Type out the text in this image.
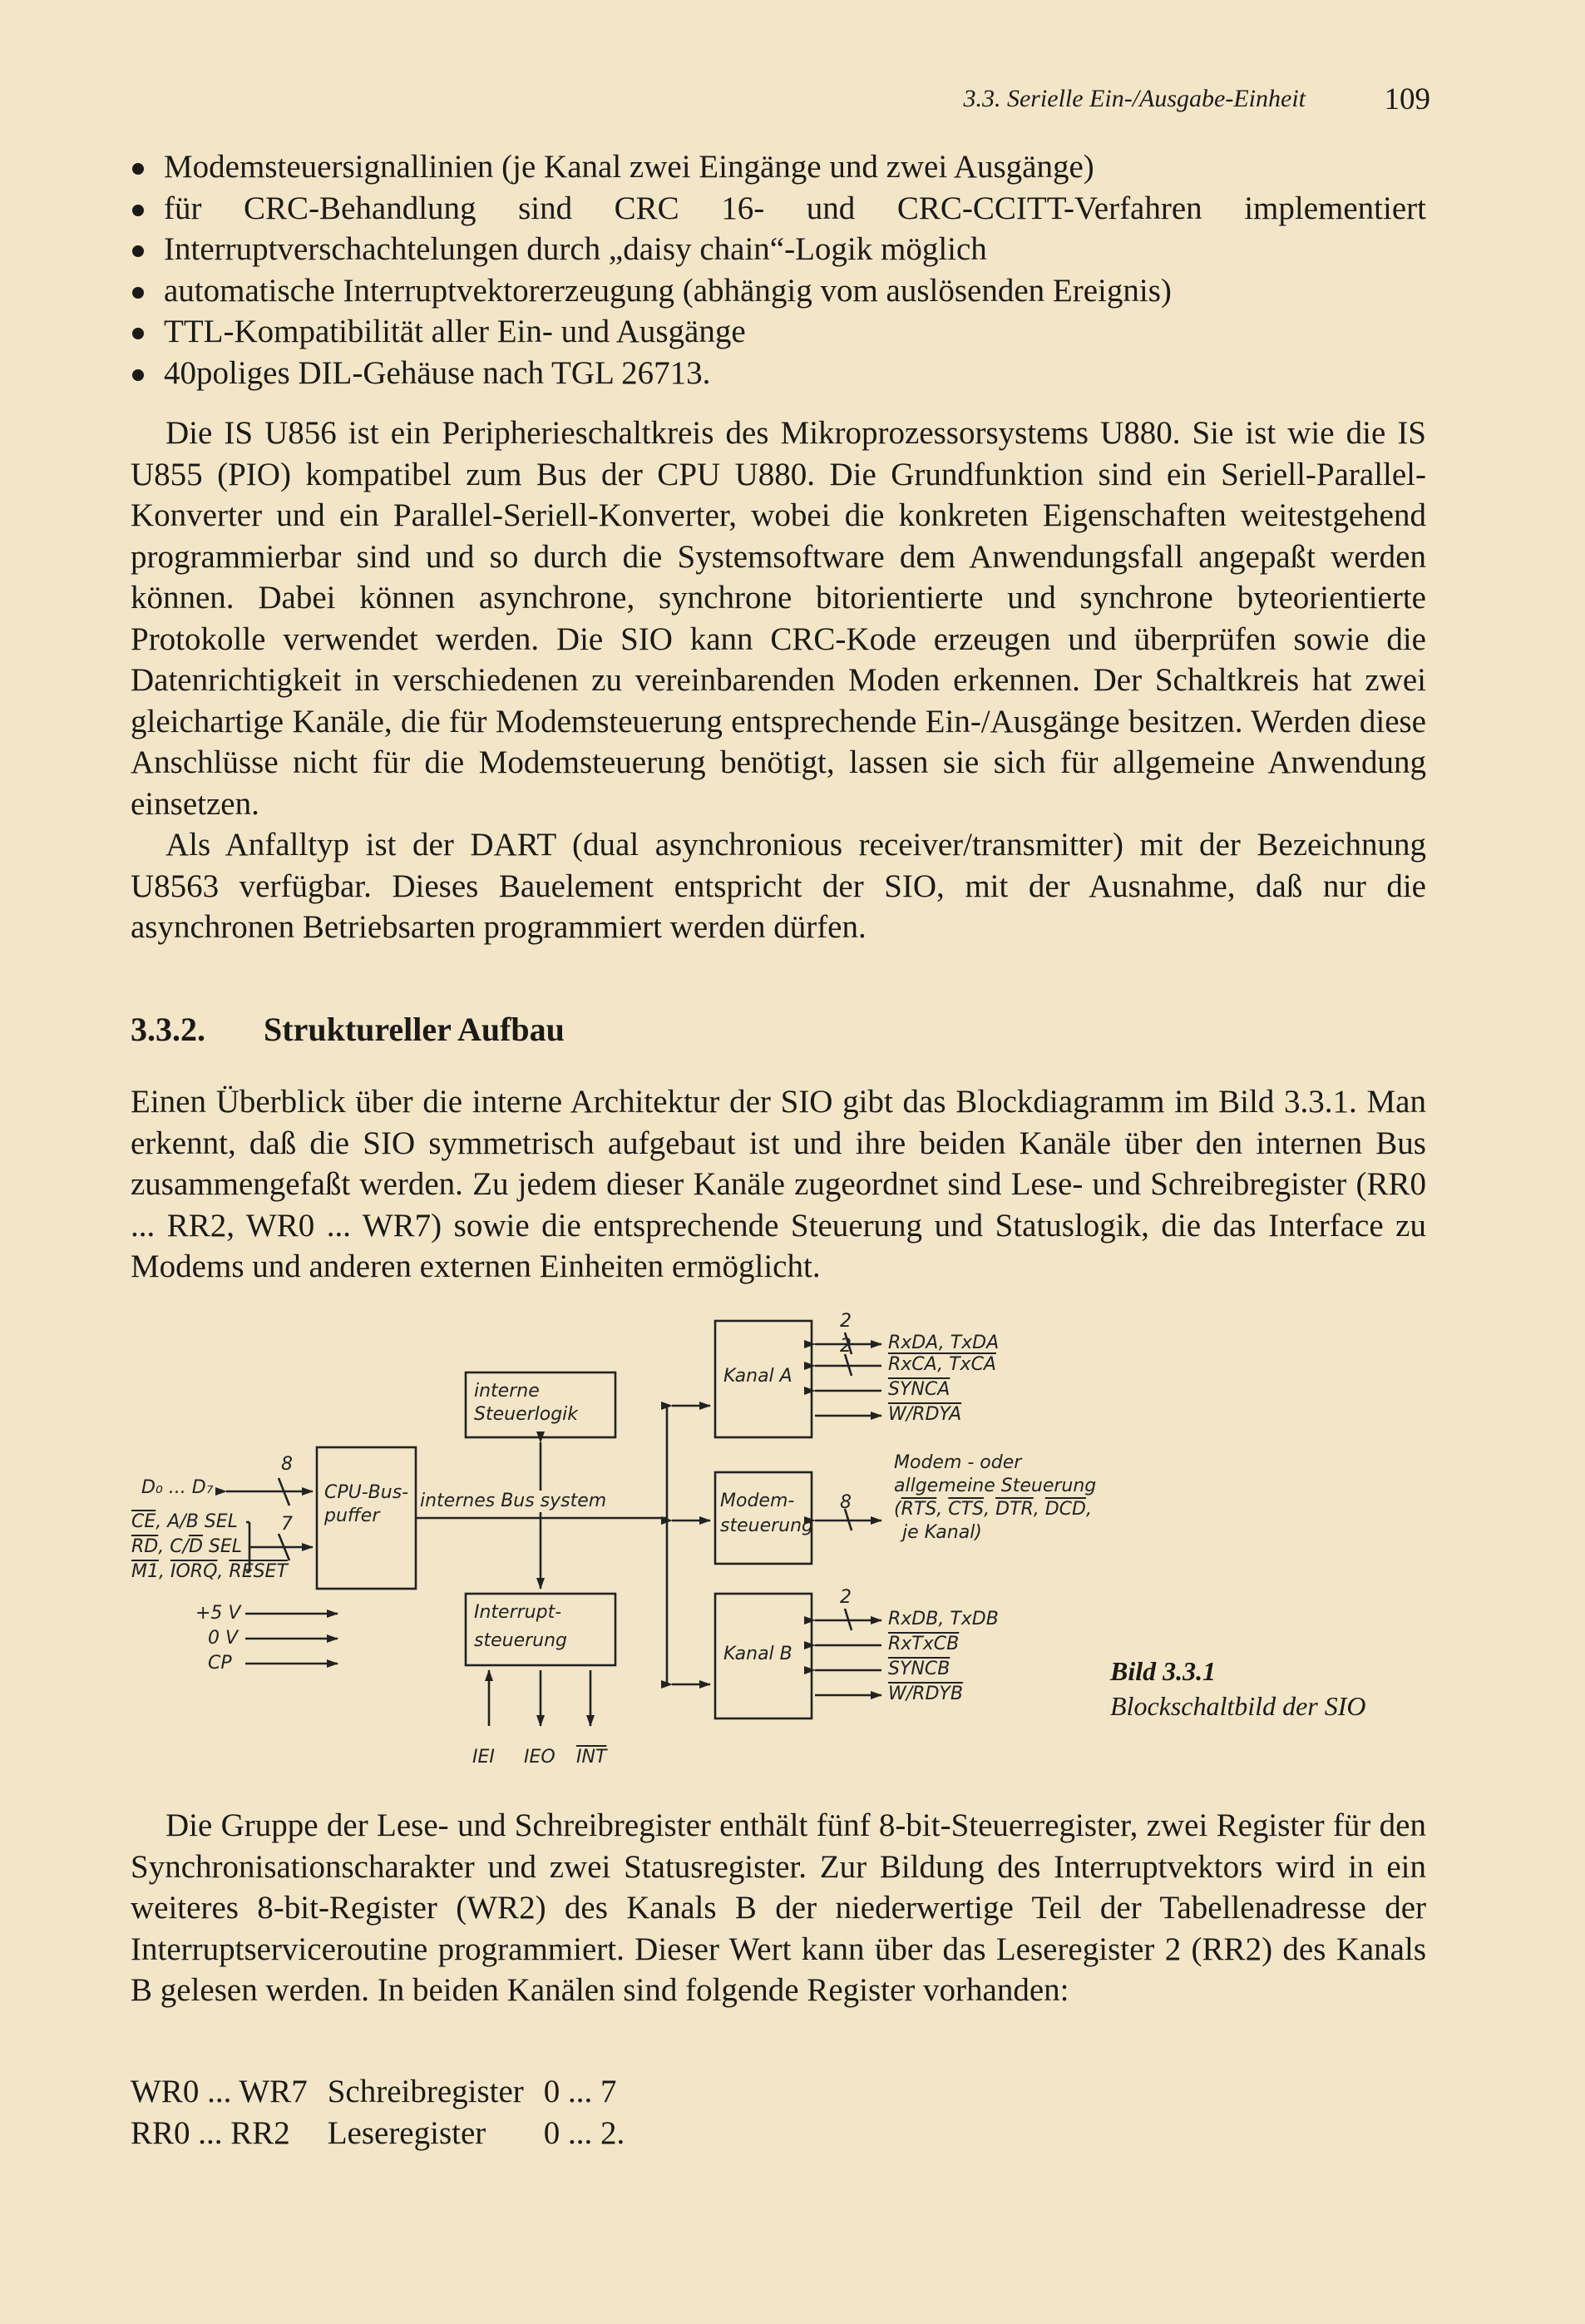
3.3. Serielle Ein-/Ausgabe-Einheit	109
Modemsteuersignallinien (je Kanal zwei Eingänge und zwei Ausgänge)
für CRC-Behandlung sind CRC 16- und CRC-CCITT-Verfahren implementiert
Interruptverschachtelungen durch „daisy chain“-Logik möglich
automatische Interruptvektorerzeugung (abhängig vom auslösenden Ereignis)
TTL-Kompatibilität aller Ein- und Ausgänge
40poliges DIL-Gehäuse nach TGL 26713.

Die IS U856 ist ein Peripherieschaltkreis des Mikroprozessorsystems U880. Sie ist wie die IS U855 (PIO) kompatibel zum Bus der CPU U880. Die Grundfunktion sind ein Seriell-Parallel-Konverter und ein Parallel-Seriell-Konverter, wobei die konkreten Eigenschaften weitestgehend programmierbar sind und so durch die Systemsoftware dem Anwendungsfall angepaßt werden können. Dabei können asynchrone, synchrone bitorientierte und synchrone byteorientierte Protokolle verwendet werden. Die SIO kann CRC-Kode erzeugen und überprüfen sowie die Datenrichtigkeit in verschiedenen zu vereinbarenden Moden erkennen. Der Schaltkreis hat zwei gleichartige Kanäle, die für Modemsteuerung entsprechende Ein-/Ausgänge besitzen. Werden diese Anschlüsse nicht für die Modemsteuerung benötigt, lassen sie sich für allgemeine Anwendung einsetzen.

Als Anfalltyp ist der DART (dual asynchronious receiver/transmitter) mit der Bezeichnung U8563 verfügbar. Dieses Bauelement entspricht der SIO, mit der Ausnahme, daß nur die asynchronen Betriebsarten programmiert werden dürfen.

3.3.2. Struktureller Aufbau

Einen Überblick über die interne Architektur der SIO gibt das Blockdiagramm im Bild 3.3.1. Man erkennt, daß die SIO symmetrisch aufgebaut ist und ihre beiden Kanäle über den internen Bus zusammengefaßt werden. Zu jedem dieser Kanäle zugeordnet sind Lese- und Schreibregister (RR0 ... RR2, WR0 ... WR7) sowie die entsprechende Steuerung und Statuslogik, die das Interface zu Modems und anderen externen Einheiten ermöglicht.

CPU-Bus-
puffer
interne
Steuerlogik
Interrupt-
steuerung
Kanal A
Kanal B
Modem-
steuerung
internes Bus system
D₀ ... D₇
8
7
$\overline{CE}$, A/B SEL
$\overline{RD}$, $C/\overline{D}$ SEL
M1, IORQ, RESET
+5 V
0 V
CP
2
2 RxDA, TxDA
RxCA, TxCA
SYNCA
W/RDYA
8
Modem - oder
allgemeine Steuerung
($\overline{RTS}$, $\overline{CTS}$, $\overline{DTR}$, $\overline{DCD}$,
je Kanal)
2
RxDB, TxDB
RxTxCB
SYNCB
W/RDYB
IEI IEO $\overline{INT}$
Bild 3.3.1
Blockschaltbild der SIO

Die Gruppe der Lese- und Schreibregister enthält fünf 8-bit-Steuerregister, zwei Register für den Synchronisationscharakter und zwei Statusregister. Zur Bildung des Interruptvektors wird in ein weiteres 8-bit-Register (WR2) des Kanals B der niederwertige Teil der Tabellenadresse der Interruptserviceroutine programmiert. Dieser Wert kann über das Leseregister 2 (RR2) des Kanals B gelesen werden. In beiden Kanälen sind folgende Register vorhanden:

WR0 ... WR7	Schreibregister	0 ... 7
RR0 ... RR2	Leseregister	0 ... 2.
